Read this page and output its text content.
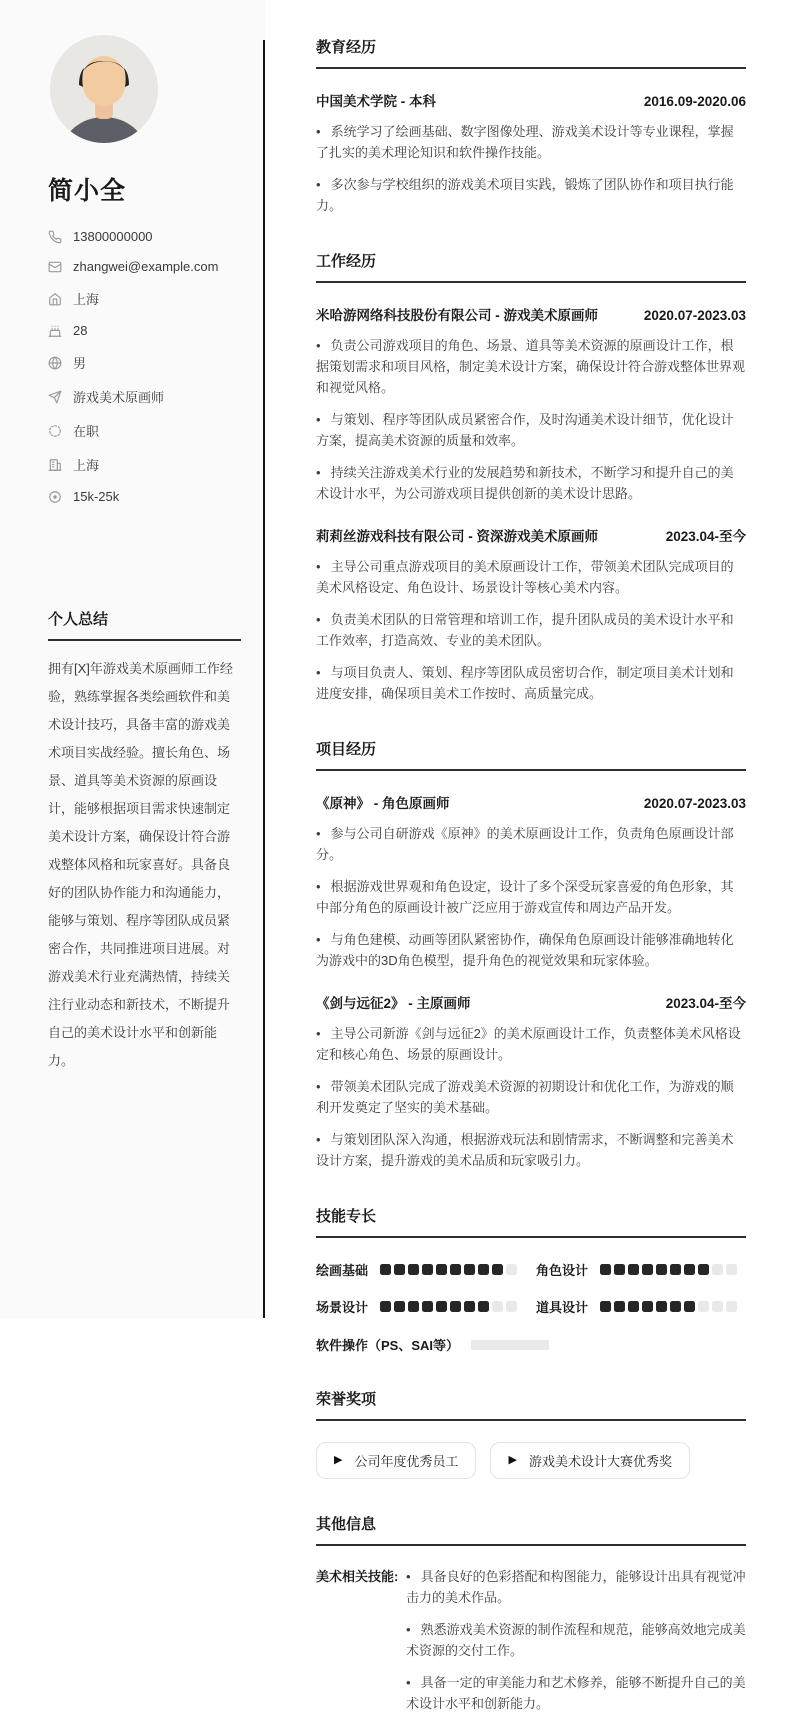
简小全
13800000000
zhangwei@example.com
上海
28
男
游戏美术原画师
在职
上海
15k-25k
个人总结

拥有[X]年游戏美术原画师工作经验，熟练掌握各类绘画软件和美术设计技巧，具备丰富的游戏美术项目实战经验。擅长角色、场景、道具等美术资源的原画设计，能够根据项目需求快速制定美术设计方案，确保设计符合游戏整体风格和玩家喜好。具备良好的团队协作能力和沟通能力，能够与策划、程序等团队成员紧密合作，共同推进项目进展。对游戏美术行业充满热情，持续关注行业动态和新技术，不断提升自己的美术设计水平和创新能力。

教育经历
中国美术学院 - 本科	2016.09-2020.06

• 系统学习了绘画基础、数字图像处理、游戏美术设计等专业课程，掌握了扎实的美术理论知识和软件操作技能。

• 多次参与学校组织的游戏美术项目实践，锻炼了团队协作和项目执行能力。

工作经历
米哈游网络科技股份有限公司 - 游戏美术原画师	2020.07-2023.03

• 负责公司游戏项目的角色、场景、道具等美术资源的原画设计工作，根据策划需求和项目风格，制定美术设计方案，确保设计符合游戏整体世界观和视觉风格。

• 与策划、程序等团队成员紧密合作，及时沟通美术设计细节，优化设计方案，提高美术资源的质量和效率。

• 持续关注游戏美术行业的发展趋势和新技术，不断学习和提升自己的美术设计水平，为公司游戏项目提供创新的美术设计思路。

莉莉丝游戏科技有限公司 - 资深游戏美术原画师	2023.04-至今

• 主导公司重点游戏项目的美术原画设计工作，带领美术团队完成项目的美术风格设定、角色设计、场景设计等核心美术内容。

• 负责美术团队的日常管理和培训工作，提升团队成员的美术设计水平和工作效率，打造高效、专业的美术团队。

• 与项目负责人、策划、程序等团队成员密切合作，制定项目美术计划和进度安排，确保项目美术工作按时、高质量完成。

项目经历
《原神》 - 角色原画师	2020.07-2023.03

• 参与公司自研游戏《原神》的美术原画设计工作，负责角色原画设计部分。

• 根据游戏世界观和角色设定，设计了多个深受玩家喜爱的角色形象，其中部分角色的原画设计被广泛应用于游戏宣传和周边产品开发。

• 与角色建模、动画等团队紧密协作，确保角色原画设计能够准确地转化为游戏中的3D角色模型，提升角色的视觉效果和玩家体验。

《剑与远征2》 - 主原画师	2023.04-至今

• 主导公司新游《剑与远征2》的美术原画设计工作，负责整体美术风格设定和核心角色、场景的原画设计。

• 带领美术团队完成了游戏美术资源的初期设计和优化工作，为游戏的顺利开发奠定了坚实的美术基础。

• 与策划团队深入沟通，根据游戏玩法和剧情需求，不断调整和完善美术设计方案，提升游戏的美术品质和玩家吸引力。

技能专长
绘画基础	角色设计
场景设计	道具设计
软件操作（PS、SAI等）
荣誉奖项
▶ 公司年度优秀员工	▶ 游戏美术设计大赛优秀奖
其他信息
美术相关技能:	• 具备良好的色彩搭配和构图能力，能够设计出具有视觉冲击力的美术作品。

• 熟悉游戏美术资源的制作流程和规范，能够高效地完成美术资源的交付工作。

• 具备一定的审美能力和艺术修养，能够不断提升自己的美术设计水平和创新能力。
